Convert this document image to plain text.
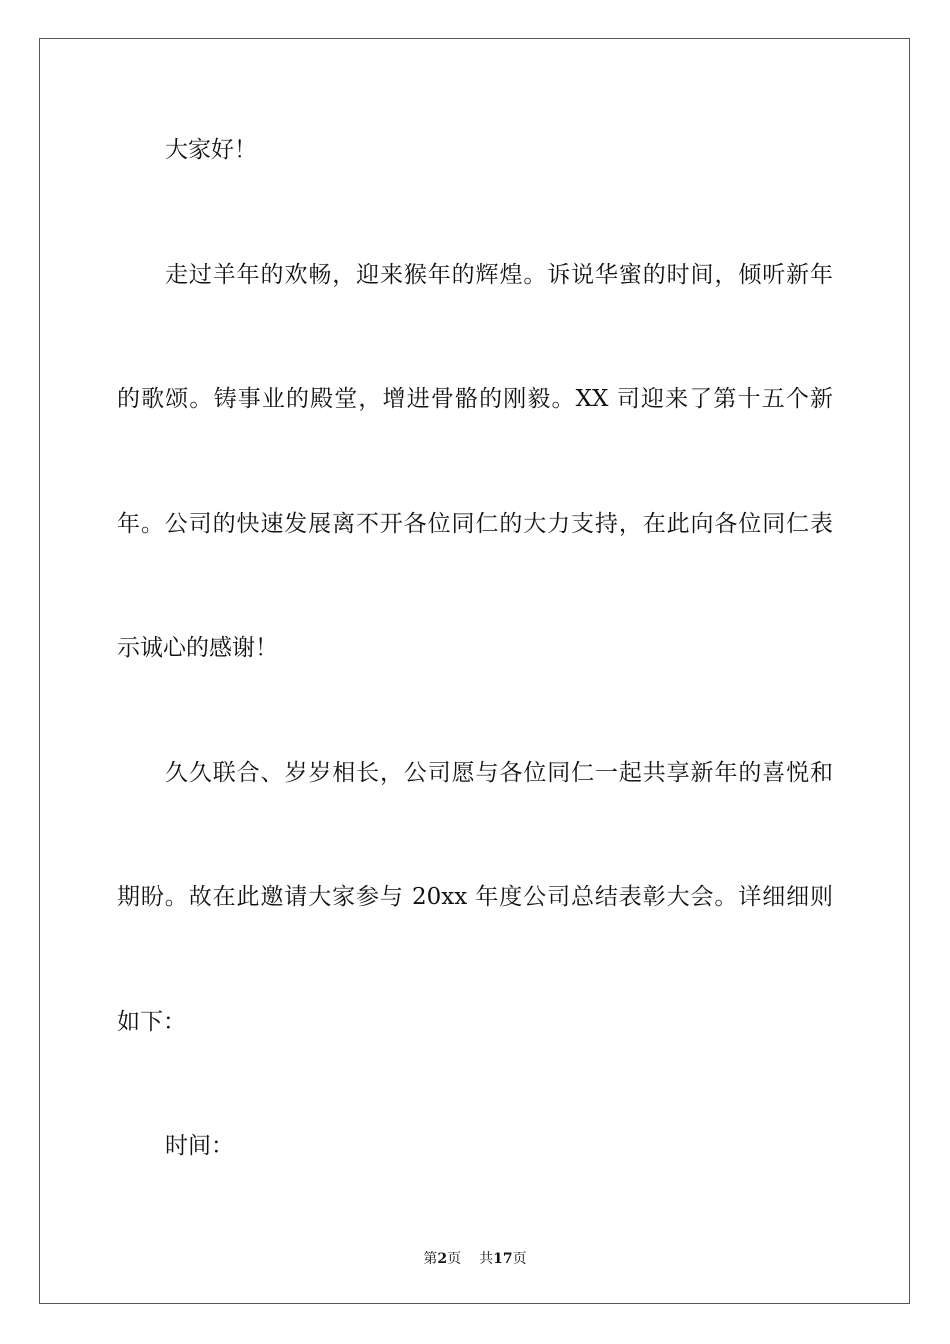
大家好！
走过羊年的欢畅，迎来猴年的辉煌。诉说华蜜的时间，倾听新年
的歌颂。铸事业的殿堂，增进骨骼的刚毅。XX 司迎来了第十五个新
年。公司的快速发展离不开各位同仁的大力支持，在此向各位同仁表
示诚心的感谢！
久久联合、岁岁相长，公司愿与各位同仁一起共享新年的喜悦和
期盼。故在此邀请大家参与 20xx 年度公司总结表彰大会。详细细则
如下：
时间：
第2页 共17页
